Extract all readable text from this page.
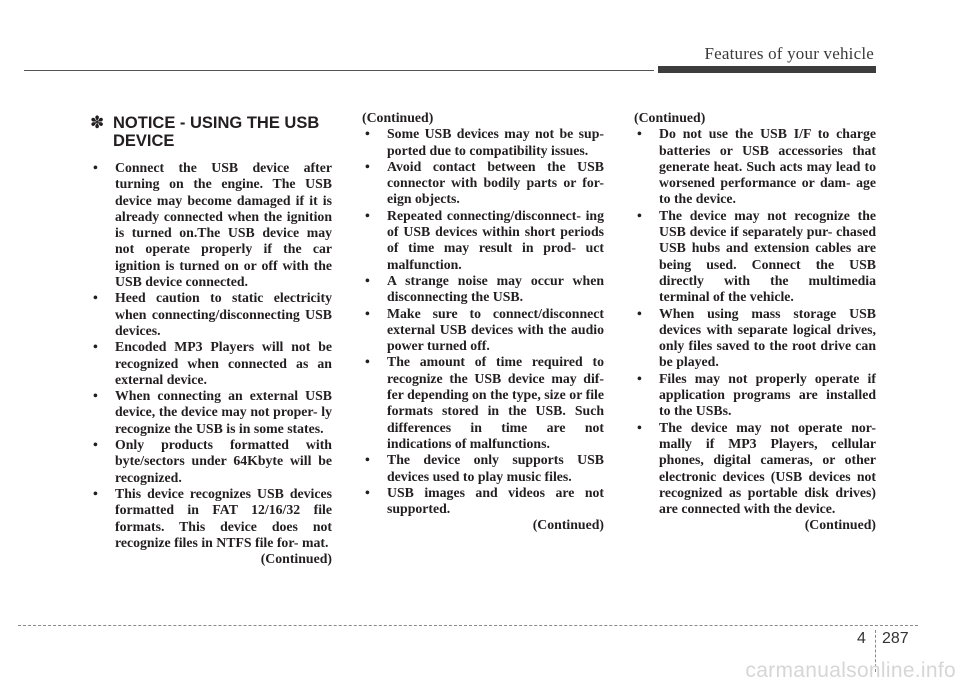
Features of your vehicle
✽ NOTICE - USING THE USB DEVICE
• Connect the USB device after turning on the engine. The USB device may become damaged if it is already connected when the ignition is turned on.The USB device may not operate properly if the car ignition is turned on or off with the USB device connected.
• Heed caution to static electricity when connecting/disconnecting USB devices.
• Encoded MP3 Players will not be recognized when connected as an external device.
• When connecting an external USB device, the device may not proper- ly recognize the USB is in some states.
• Only products formatted with byte/sectors under 64Kbyte will be recognized.
• This device recognizes USB devices formatted in FAT 12/16/32 file formats. This device does not recognize files in NTFS file for- mat.
(Continued)
(Continued)
• Some USB devices may not be sup- ported due to compatibility issues.
• Avoid contact between the USB connector with bodily parts or for- eign objects.
• Repeated connecting/disconnect- ing of USB devices within short periods of time may result in prod- uct malfunction.
• A strange noise may occur when disconnecting the USB.
• Make sure to connect/disconnect external USB devices with the audio power turned off.
• The amount of time required to recognize the USB device may dif- fer depending on the type, size or file formats stored in the USB. Such differences in time are not indications of malfunctions.
• The device only supports USB devices used to play music files.
• USB images and videos are not supported.
(Continued)
(Continued)
• Do not use the USB I/F to charge batteries or USB accessories that generate heat. Such acts may lead to worsened performance or dam- age to the device.
• The device may not recognize the USB device if separately pur- chased USB hubs and extension cables are being used. Connect the USB directly with the multimedia terminal of the vehicle.
• When using mass storage USB devices with separate logical drives, only files saved to the root drive can be played.
• Files may not properly operate if application programs are installed to the USBs.
• The device may not operate nor- mally if MP3 Players, cellular phones, digital cameras, or other electronic devices (USB devices not recognized as portable disk drives) are connected with the device.
(Continued)
4 287
carmanualsonline.info
